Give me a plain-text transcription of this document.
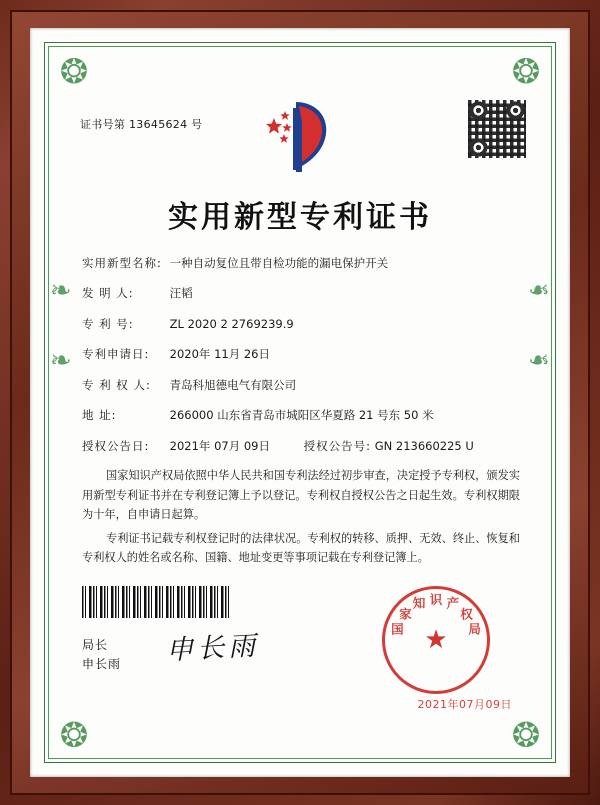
❂	❂
❂	❂
❧
❧
❧
❧
证书号第 13645624 号
实用新型专利证书
实用新型名称: 一种自动复位且带自检功能的漏电保护开关
发 明 人:	汪韬
专 利 号:	ZL 2020 2 2769239.9
专利申请日: 2020年 11月 26日
专 利 权 人: 青岛科旭德电气有限公司
地 址:	266000 山东省青岛市城阳区华夏路 21 号东 50 米
授权公告日: 2021年 07月 09日	授权公告号: GN 213660225 U

国家知识产权局依照中华人民共和国专利法经过初步审查，决定授予专利权，颁发实用新型专利证书并在专利登记簿上予以登记。专利权自授权公告之日起生效。专利权期限为十年，自申请日起算。

专利证书记载专利权登记时的法律状况。专利权的转移、质押、无效、终止、恢复和专利权人的姓名或名称、国籍、地址变更等事项记载在专利登记簿上。

局长
申长雨 申长雨	★
国
家
知 识 产
权
局
2021年07月09日
